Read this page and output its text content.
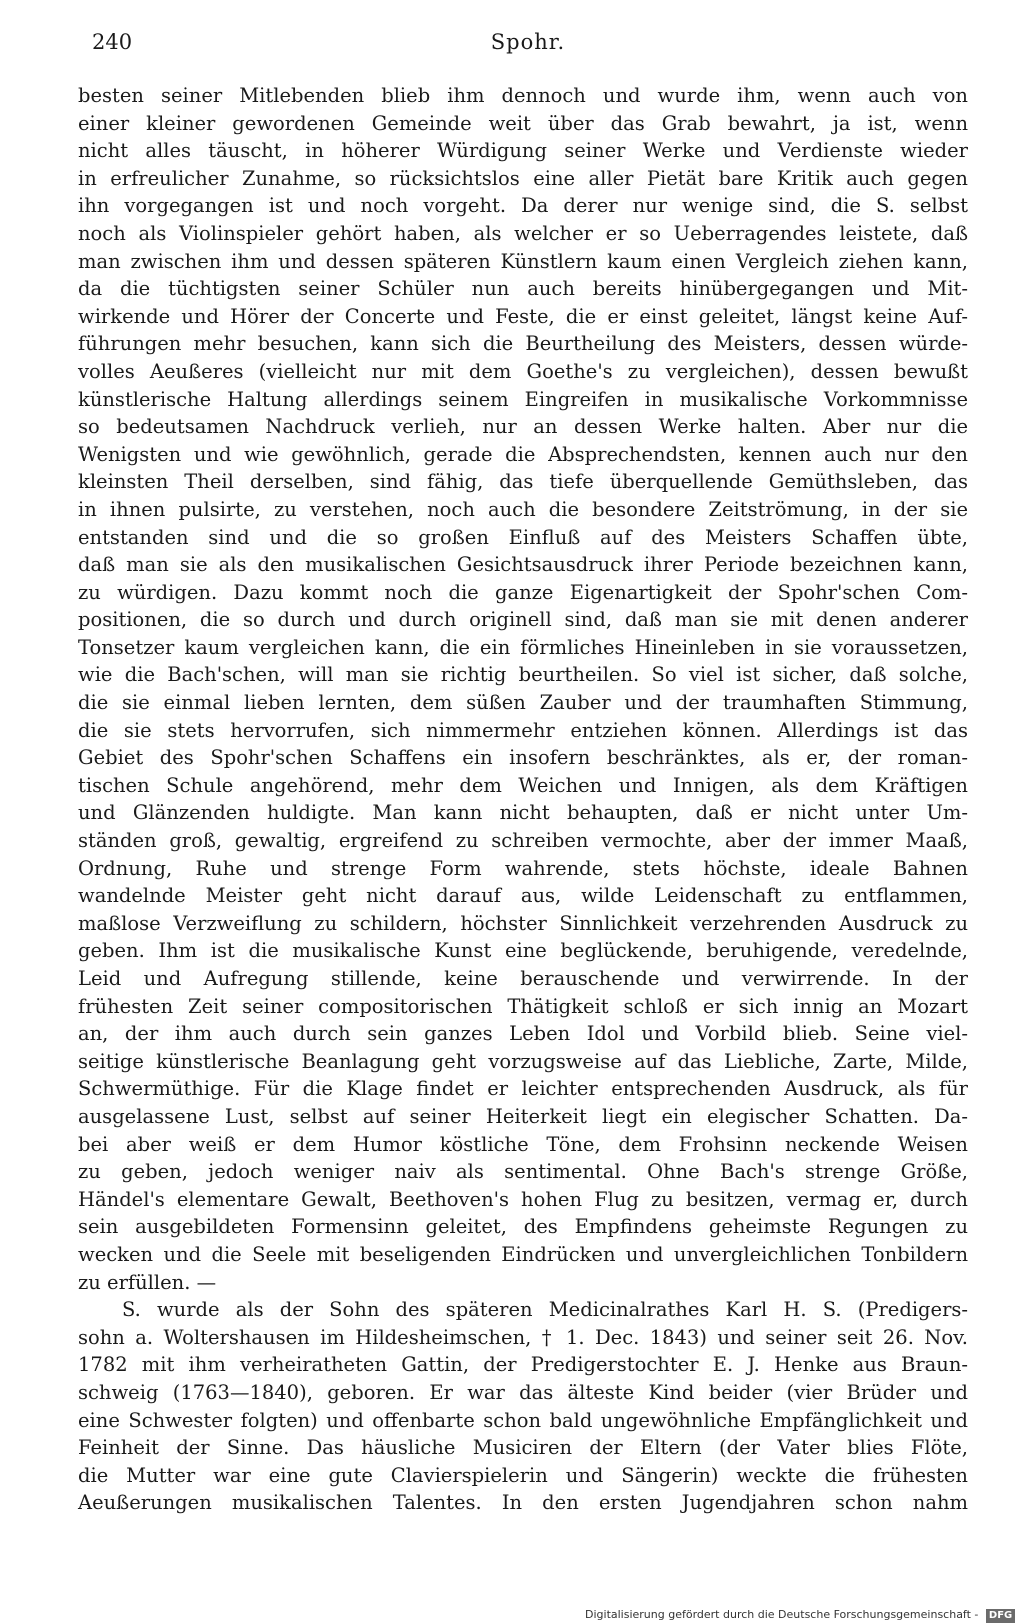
240	Spohr.
besten seiner Mitlebenden blieb ihm dennoch und wurde ihm, wenn auch von
einer kleiner gewordenen Gemeinde weit über das Grab bewahrt, ja ist, wenn
nicht alles täuscht, in höherer Würdigung seiner Werke und Verdienste wieder
in erfreulicher Zunahme, so rücksichtslos eine aller Pietät bare Kritik auch gegen
ihn vorgegangen ist und noch vorgeht. Da derer nur wenige sind, die S. selbst
noch als Violinspieler gehört haben, als welcher er so Ueberragendes leistete, daß
man zwischen ihm und dessen späteren Künstlern kaum einen Vergleich ziehen kann,
da die tüchtigsten seiner Schüler nun auch bereits hinübergegangen und Mit-
wirkende und Hörer der Concerte und Feste, die er einst geleitet, längst keine Auf-
führungen mehr besuchen, kann sich die Beurtheilung des Meisters, dessen würde-
volles Aeußeres (vielleicht nur mit dem Goethe's zu vergleichen), dessen bewußt
künstlerische Haltung allerdings seinem Eingreifen in musikalische Vorkommnisse
so bedeutsamen Nachdruck verlieh, nur an dessen Werke halten. Aber nur die
Wenigsten und wie gewöhnlich, gerade die Absprechendsten, kennen auch nur den
kleinsten Theil derselben, sind fähig, das tiefe überquellende Gemüthsleben, das
in ihnen pulsirte, zu verstehen, noch auch die besondere Zeitströmung, in der sie
entstanden sind und die so großen Einfluß auf des Meisters Schaffen übte,
daß man sie als den musikalischen Gesichtsausdruck ihrer Periode bezeichnen kann,
zu würdigen. Dazu kommt noch die ganze Eigenartigkeit der Spohr'schen Com-
positionen, die so durch und durch originell sind, daß man sie mit denen anderer
Tonsetzer kaum vergleichen kann, die ein förmliches Hineinleben in sie voraussetzen,
wie die Bach'schen, will man sie richtig beurtheilen. So viel ist sicher, daß solche,
die sie einmal lieben lernten, dem süßen Zauber und der traumhaften Stimmung,
die sie stets hervorrufen, sich nimmermehr entziehen können. Allerdings ist das
Gebiet des Spohr'schen Schaffens ein insofern beschränktes, als er, der roman-
tischen Schule angehörend, mehr dem Weichen und Innigen, als dem Kräftigen
und Glänzenden huldigte. Man kann nicht behaupten, daß er nicht unter Um-
ständen groß, gewaltig, ergreifend zu schreiben vermochte, aber der immer Maaß,
Ordnung, Ruhe und strenge Form wahrende, stets höchste, ideale Bahnen
wandelnde Meister geht nicht darauf aus, wilde Leidenschaft zu entflammen,
maßlose Verzweiflung zu schildern, höchster Sinnlichkeit verzehrenden Ausdruck zu
geben. Ihm ist die musikalische Kunst eine beglückende, beruhigende, veredelnde,
Leid und Aufregung stillende, keine berauschende und verwirrende. In der
frühesten Zeit seiner compositorischen Thätigkeit schloß er sich innig an Mozart
an, der ihm auch durch sein ganzes Leben Idol und Vorbild blieb. Seine viel-
seitige künstlerische Beanlagung geht vorzugsweise auf das Liebliche, Zarte, Milde,
Schwermüthige. Für die Klage findet er leichter entsprechenden Ausdruck, als für
ausgelassene Lust, selbst auf seiner Heiterkeit liegt ein elegischer Schatten. Da-
bei aber weiß er dem Humor köstliche Töne, dem Frohsinn neckende Weisen
zu geben, jedoch weniger naiv als sentimental. Ohne Bach's strenge Größe,
Händel's elementare Gewalt, Beethoven's hohen Flug zu besitzen, vermag er, durch
sein ausgebildeten Formensinn geleitet, des Empfindens geheimste Regungen zu
wecken und die Seele mit beseligenden Eindrücken und unvergleichlichen Tonbildern
zu erfüllen. —
S. wurde als der Sohn des späteren Medicinalrathes Karl H. S. (Predigers-
sohn a. Woltershausen im Hildesheimschen, † 1. Dec. 1843) und seiner seit 26. Nov.
1782 mit ihm verheiratheten Gattin, der Predigerstochter E. J. Henke aus Braun-
schweig (1763—1840), geboren. Er war das älteste Kind beider (vier Brüder und
eine Schwester folgten) und offenbarte schon bald ungewöhnliche Empfänglichkeit und
Feinheit der Sinne. Das häusliche Musiciren der Eltern (der Vater blies Flöte,
die Mutter war eine gute Clavierspielerin und Sängerin) weckte die frühesten
Aeußerungen musikalischen Talentes. In den ersten Jugendjahren schon nahm
Digitalisierung gefördert durch die Deutsche Forschungsgemeinschaft - DFG
